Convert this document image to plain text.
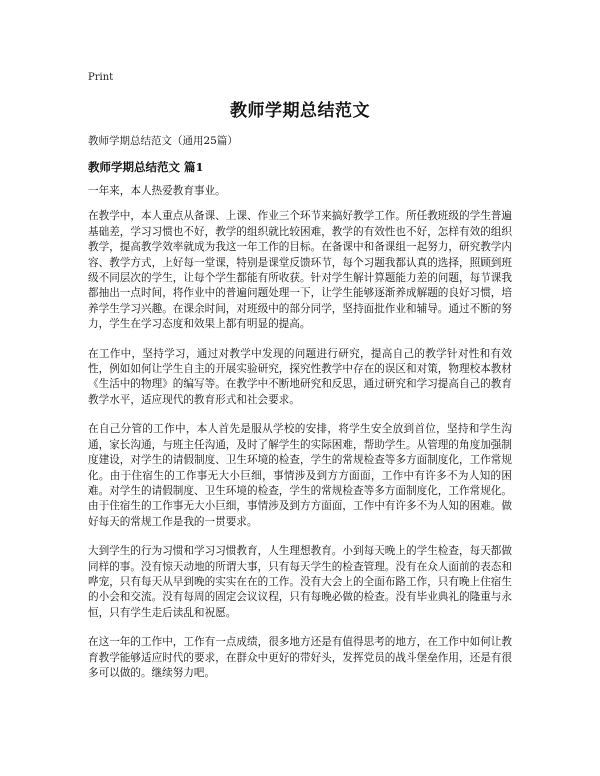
Print
教师学期总结范文
教师学期总结范文（通用25篇）
教师学期总结范文 篇1

一年来，本人热爱教育事业。

在教学中，本人重点从备课、上课、作业三个环节来搞好教学工作。所任教班级的学生普遍基础差，学习习惯也不好，教学的组织就比较困难，教学的有效性也不好，怎样有效的组织教学，提高教学效率就成为我这一年工作的目标。在备课中和备课组一起努力，研究教学内容、教学方式，上好每一堂课，特别是课堂反馈环节，每个习题我都认真的选择，照顾到班级不同层次的学生，让每个学生都能有所收获。针对学生解计算题能力差的问题，每节课我都抽出一点时间，将作业中的普遍问题处理一下，让学生能够逐渐养成解题的良好习惯，培养学生学习兴趣。在课余时间，对班级中的部分同学，坚持面批作业和辅导。通过不断的努力，学生在学习态度和效果上都有明显的提高。

在工作中，坚持学习，通过对教学中发现的问题进行研究，提高自己的教学针对性和有效性，例如如何让学生自主的开展实验研究，探究性教学中存在的误区和对策，物理校本教材《生活中的物理》的编写等。在教学中不断地研究和反思，通过研究和学习提高自己的教育教学水平，适应现代的教育形式和社会要求。

在自己分管的工作中，本人首先是服从学校的安排，将学生安全放到首位，坚持和学生沟通，家长沟通，与班主任沟通，及时了解学生的实际困难，帮助学生。从管理的角度加强制度建设，对学生的请假制度、卫生环境的检查，学生的常规检查等多方面制度化，工作常规化。由于住宿生的工作事无大小巨细，事情涉及到方方面面，工作中有许多不为人知的困难。对学生的请假制度、卫生环境的检查，学生的常规检查等多方面制度化，工作常规化。由于住宿生的工作事无大小巨细，事情涉及到方方面面，工作中有许多不为人知的困难。做好每天的常规工作是我的一贯要求。

大到学生的行为习惯和学习习惯教育，人生理想教育。小到每天晚上的学生检查，每天都做同样的事。没有惊天动地的所谓大事，只有每天学生的检查管理。没有在众人面前的表态和哗宠，只有每天从早到晚的实实在在的工作。没有大会上的全面布路工作，只有晚上住宿生的小会和交流。没有每周的固定会议议程，只有每晚必做的检查。没有毕业典礼的隆重与永恒，只有学生走后读乱和祝愿。

在这一年的工作中，工作有一点成绩，很多地方还是有值得思考的地方，在工作中如何让教育教学能够适应时代的要求，在群众中更好的带好头，发挥党员的战斗堡垒作用，还是有很多可以做的。继续努力吧。
